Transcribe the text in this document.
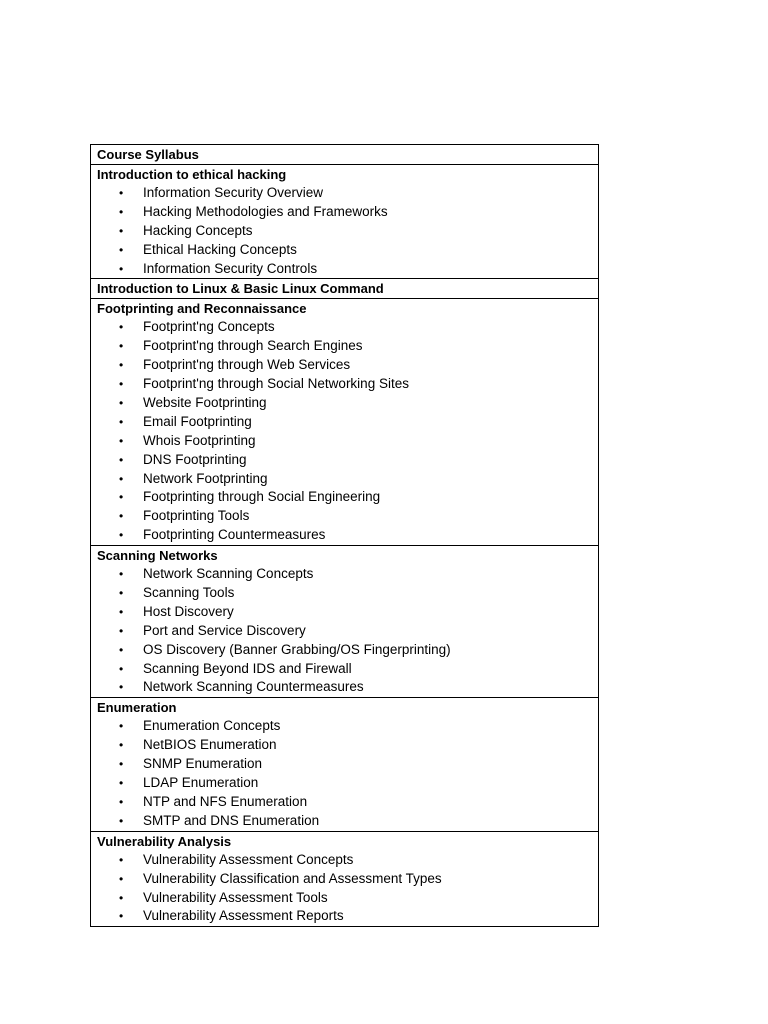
Course Syllabus

Introduction to ethical hacking
• Information Security Overview
• Hacking Methodologies and Frameworks
• Hacking Concepts
• Ethical Hacking Concepts
• Information Security Controls

Introduction to Linux & Basic Linux Command

Footprinting and Reconnaissance
• Footprint'ng Concepts
• Footprint'ng through Search Engines
• Footprint'ng through Web Services
• Footprint'ng through Social Networking Sites
• Website Footprinting
• Email Footprinting
• Whois Footprinting
• DNS Footprinting
• Network Footprinting
• Footprinting through Social Engineering
• Footprinting Tools
• Footprinting Countermeasures

Scanning Networks
• Network Scanning Concepts
• Scanning Tools
• Host Discovery
• Port and Service Discovery
• OS Discovery (Banner Grabbing/OS Fingerprinting)
• Scanning Beyond IDS and Firewall
• Network Scanning Countermeasures

Enumeration
• Enumeration Concepts
• NetBIOS Enumeration
• SNMP Enumeration
• LDAP Enumeration
• NTP and NFS Enumeration
• SMTP and DNS Enumeration

Vulnerability Analysis
• Vulnerability Assessment Concepts
• Vulnerability Classification and Assessment Types
• Vulnerability Assessment Tools
• Vulnerability Assessment Reports
